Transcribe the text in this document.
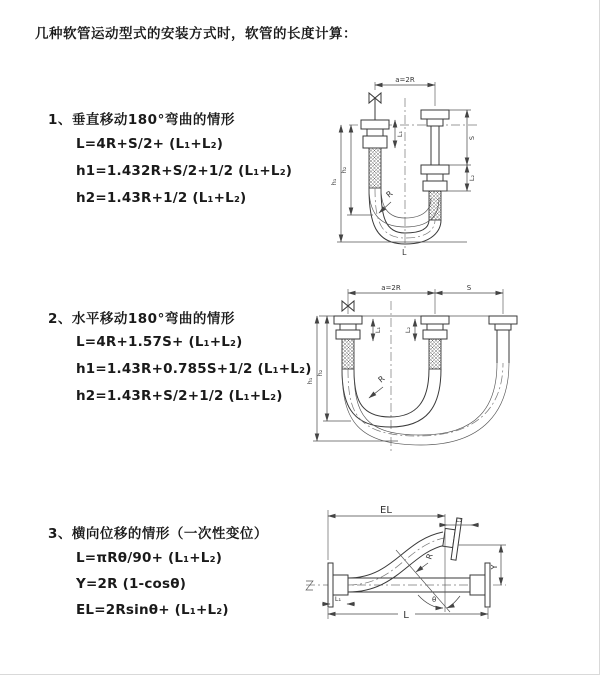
几种软管运动型式的安装方式时，软管的长度计算：
1、垂直移动180°弯曲的情形
L=4R+S/2+ (L₁+L₂)
h1=1.432R+S/2+1/2 (L₁+L₂)
h2=1.43R+1/2 (L₁+L₂)
a=2R
h₁
h₂
L₁
S
L₂
R
L
2、水平移动180°弯曲的情形
L=4R+1.57S+ (L₁+L₂)
h1=1.43R+0.785S+1/2 (L₁+L₂)
h2=1.43R+S/2+1/2 (L₁+L₂)
a=2R	S
L₁	L₂
h₁
h₂
R
3、横向位移的情形（一次性变位）
L=πRθ/90+ (L₁+L₂)
Y=2R (1-cosθ)
EL=2Rsinθ+ (L₁+L₂)
EL
L₂
Y
L
L₁	θ
R
